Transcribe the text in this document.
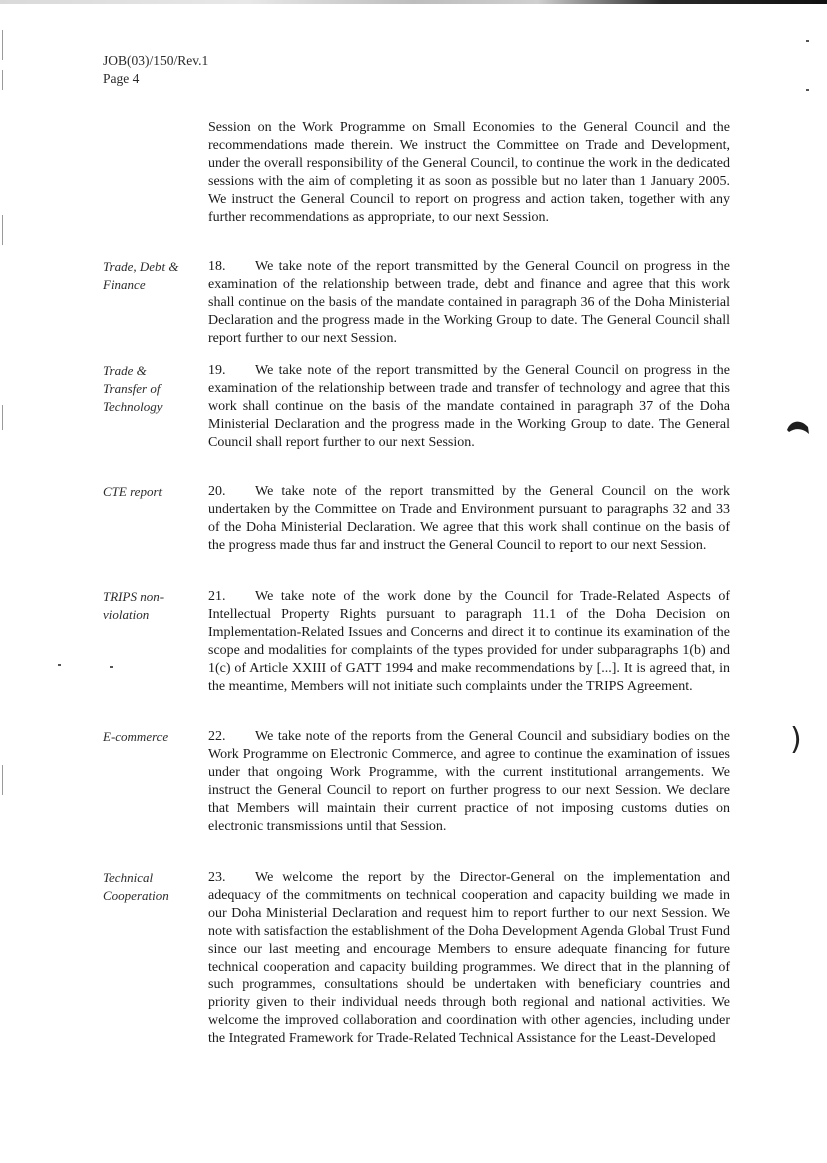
JOB(03)/150/Rev.1
Page 4

Session on the Work Programme on Small Economies to the General Council and the recommendations made therein. We instruct the Committee on Trade and Development, under the overall responsibility of the General Council, to continue the work in the dedicated sessions with the aim of completing it as soon as possible but no later than 1 January 2005. We instruct the General Council to report on progress and action taken, together with any further recommendations as appropriate, to our next Session.

Trade, Debt & Finance

18. We take note of the report transmitted by the General Council on progress in the examination of the relationship between trade, debt and finance and agree that this work shall continue on the basis of the mandate contained in paragraph 36 of the Doha Ministerial Declaration and the progress made in the Working Group to date. The General Council shall report further to our next Session.

Trade & Transfer of Technology

19. We take note of the report transmitted by the General Council on progress in the examination of the relationship between trade and transfer of technology and agree that this work shall continue on the basis of the mandate contained in paragraph 37 of the Doha Ministerial Declaration and the progress made in the Working Group to date. The General Council shall report further to our next Session.

CTE report	20. We take note of the report transmitted by the General Council on the work undertaken by the Committee on Trade and Environment pursuant to paragraphs 32 and 33 of the Doha Ministerial Declaration. We agree that this work shall continue on the basis of the progress made thus far and instruct the General Council to report to our next Session.

TRIPS non-violation

21. We take note of the work done by the Council for Trade-Related Aspects of Intellectual Property Rights pursuant to paragraph 11.1 of the Doha Decision on Implementation-Related Issues and Concerns and direct it to continue its examination of the scope and modalities for complaints of the types provided for under subparagraphs 1(b) and 1(c) of Article XXIII of GATT 1994 and make recommendations by [...]. It is agreed that, in the meantime, Members will not initiate such complaints under the TRIPS Agreement.

E-commerce	22. We take note of the reports from the General Council and subsidiary bodies on the Work Programme on Electronic Commerce, and agree to continue the examination of issues under that ongoing Work Programme, with the current institutional arrangements. We instruct the General Council to report on further progress to our next Session. We declare that Members will maintain their current practice of not imposing customs duties on electronic transmissions until that Session.

Technical Cooperation

23. We welcome the report by the Director-General on the implementation and adequacy of the commitments on technical cooperation and capacity building we made in our Doha Ministerial Declaration and request him to report further to our next Session. We note with satisfaction the establishment of the Doha Development Agenda Global Trust Fund since our last meeting and encourage Members to ensure adequate financing for future technical cooperation and capacity building programmes. We direct that in the planning of such programmes, consultations should be undertaken with beneficiary countries and priority given to their individual needs through both regional and national activities. We welcome the improved collaboration and coordination with other agencies, including under the Integrated Framework for Trade-Related Technical Assistance for the Least-Developed

)
